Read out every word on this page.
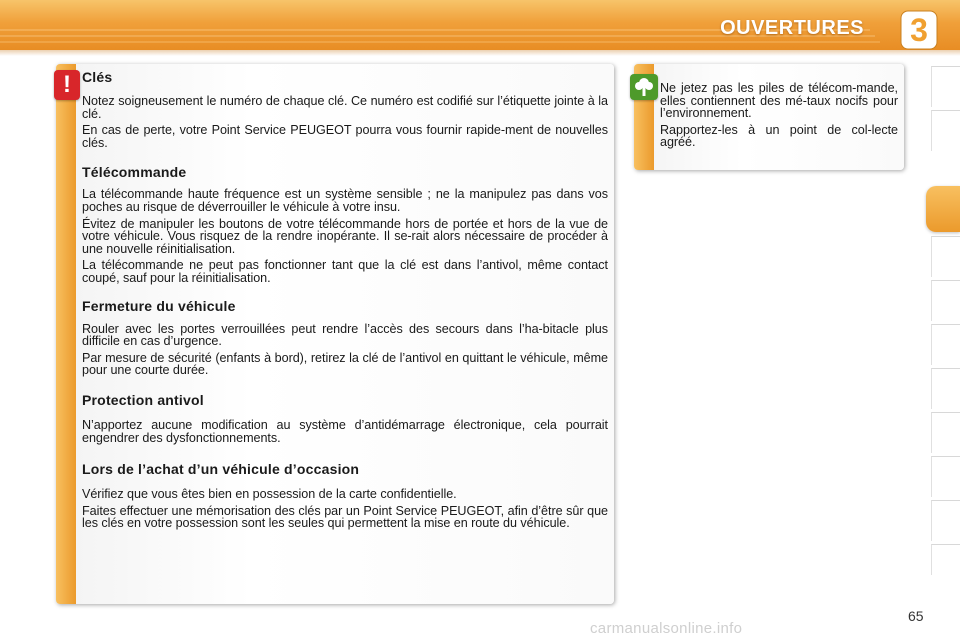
OUVERTURES	3
! Clés

Notez soigneusement le numéro de chaque clé. Ce numéro est codifié sur l’étiquette jointe à la clé.

En cas de perte, votre Point Service PEUGEOT pourra vous fournir rapide-ment de nouvelles clés.

Télécommande

La télécommande haute fréquence est un système sensible ; ne la manipulez pas dans vos poches au risque de déverrouiller le véhicule à votre insu.

Évitez de manipuler les boutons de votre télécommande hors de portée et hors de la vue de votre véhicule. Vous risquez de la rendre inopérante. Il se-rait alors nécessaire de procéder à une nouvelle réinitialisation.

La télécommande ne peut pas fonctionner tant que la clé est dans l’antivol, même contact coupé, sauf pour la réinitialisation.

Fermeture du véhicule

Rouler avec les portes verrouillées peut rendre l’accès des secours dans l’ha-bitacle plus difficile en cas d’urgence.

Par mesure de sécurité (enfants à bord), retirez la clé de l’antivol en quittant le véhicule, même pour une courte durée.

Protection antivol

N’apportez aucune modification au système d’antidémarrage électronique, cela pourrait engendrer des dysfonctionnements.

Lors de l’achat d’un véhicule d’occasion

Vérifiez que vous êtes bien en possession de la carte confidentielle.

Faites effectuer une mémorisation des clés par un Point Service PEUGEOT, afin d’être sûr que les clés en votre possession sont les seules qui permettent la mise en route du véhicule.

Ne jetez pas les piles de télécom-mande, elles contiennent des mé-taux nocifs pour l’environnement.

Rapportez-les à un point de col-lecte agréé.

65
carmanualsonline.info
